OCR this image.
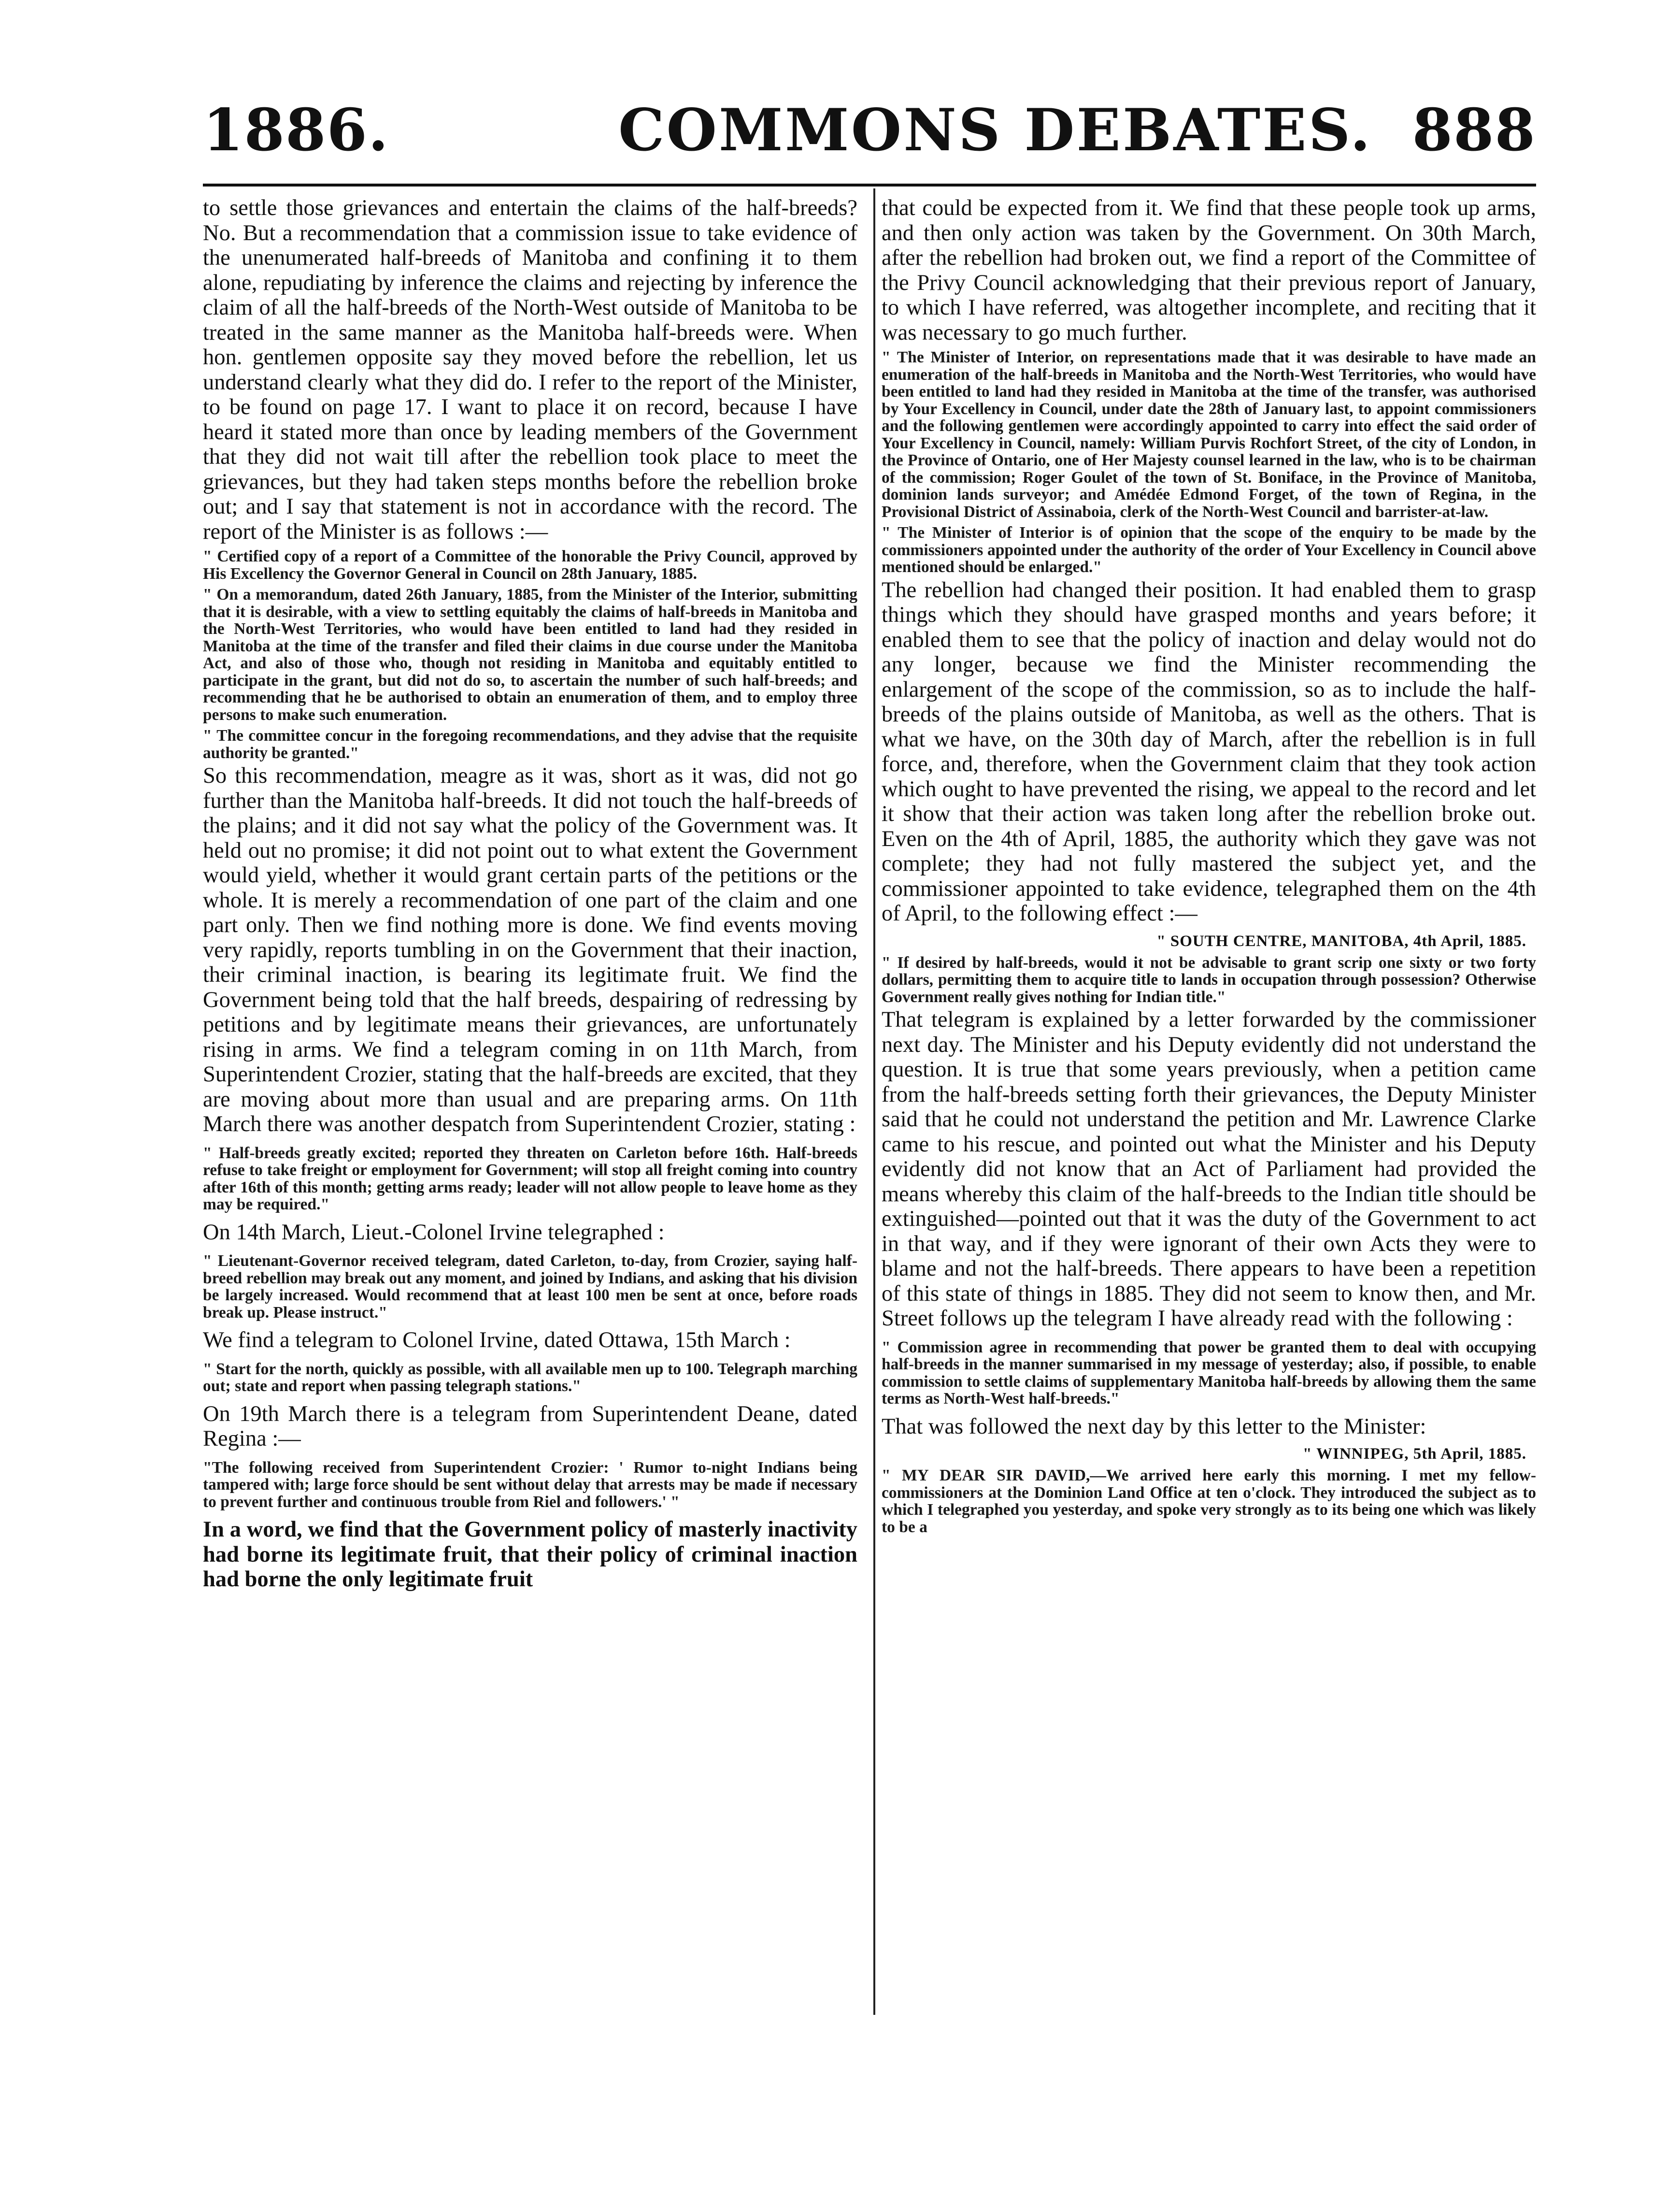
1886.	COMMONS DEBATES. 888

to settle those grievances and entertain the claims of the half-breeds? No. But a recommendation that a commission issue to take evidence of the unenumerated half-breeds of Manitoba and confining it to them alone, repudiating by inference the claims and rejecting by inference the claim of all the half-breeds of the North-West outside of Manitoba to be treated in the same manner as the Manitoba half-breeds were. When hon. gentlemen opposite say they moved before the rebellion, let us understand clearly what they did do. I refer to the report of the Minister, to be found on page 17. I want to place it on record, because I have heard it stated more than once by leading members of the Government that they did not wait till after the rebellion took place to meet the grievances, but they had taken steps months before the rebellion broke out; and I say that statement is not in accordance with the record. The report of the Minister is as follows :—

" Certified copy of a report of a Committee of the honorable the Privy Council, approved by His Excellency the Governor General in Council on 28th January, 1885.

" On a memorandum, dated 26th January, 1885, from the Minister of the Interior, submitting that it is desirable, with a view to settling equitably the claims of half-breeds in Manitoba and the North-West Territories, who would have been entitled to land had they resided in Manitoba at the time of the transfer and filed their claims in due course under the Manitoba Act, and also of those who, though not residing in Manitoba and equitably entitled to participate in the grant, but did not do so, to ascertain the number of such half-breeds; and recommending that he be authorised to obtain an enumeration of them, and to employ three persons to make such enumeration.

" The committee concur in the foregoing recommendations, and they advise that the requisite authority be granted."

So this recommendation, meagre as it was, short as it was, did not go further than the Manitoba half-breeds. It did not touch the half-breeds of the plains; and it did not say what the policy of the Government was. It held out no promise; it did not point out to what extent the Government would yield, whether it would grant certain parts of the petitions or the whole. It is merely a recommendation of one part of the claim and one part only. Then we find nothing more is done. We find events moving very rapidly, reports tumbling in on the Government that their inaction, their criminal inaction, is bearing its legitimate fruit. We find the Government being told that the half breeds, despairing of redressing by petitions and by legitimate means their grievances, are unfortunately rising in arms. We find a telegram coming in on 11th March, from Superintendent Crozier, stating that the half-breeds are excited, that they are moving about more than usual and are preparing arms. On 11th March there was another despatch from Superintendent Crozier, stating :

" Half-breeds greatly excited; reported they threaten on Carleton before 16th. Half-breeds refuse to take freight or employment for Government; will stop all freight coming into country after 16th of this month; getting arms ready; leader will not allow people to leave home as they may be required."

On 14th March, Lieut.-Colonel Irvine telegraphed :

" Lieutenant-Governor received telegram, dated Carleton, to-day, from Crozier, saying half-breed rebellion may break out any moment, and joined by Indians, and asking that his division be largely increased. Would recommend that at least 100 men be sent at once, before roads break up. Please instruct."

We find a telegram to Colonel Irvine, dated Ottawa, 15th March :

" Start for the north, quickly as possible, with all available men up to 100. Telegraph marching out; state and report when passing telegraph stations."

On 19th March there is a telegram from Superintendent Deane, dated Regina :—

"The following received from Superintendent Crozier: ' Rumor to-night Indians being tampered with; large force should be sent without delay that arrests may be made if necessary to prevent further and continuous trouble from Riel and followers.' "

In a word, we find that the Government policy of masterly inactivity had borne its legitimate fruit, that their policy of criminal inaction had borne the only legitimate fruit

that could be expected from it. We find that these people took up arms, and then only action was taken by the Government. On 30th March, after the rebellion had broken out, we find a report of the Committee of the Privy Council acknowledging that their previous report of January, to which I have referred, was altogether incomplete, and reciting that it was necessary to go much further.

" The Minister of Interior, on representations made that it was desirable to have made an enumeration of the half-breeds in Manitoba and the North-West Territories, who would have been entitled to land had they resided in Manitoba at the time of the transfer, was authorised by Your Excellency in Council, under date the 28th of January last, to appoint commissioners and the following gentlemen were accordingly appointed to carry into effect the said order of Your Excellency in Council, namely: William Purvis Rochfort Street, of the city of London, in the Province of Ontario, one of Her Majesty counsel learned in the law, who is to be chairman of the commission; Roger Goulet of the town of St. Boniface, in the Province of Manitoba, dominion lands surveyor; and Amédée Edmond Forget, of the town of Regina, in the Provisional District of Assinaboia, clerk of the North-West Council and barrister-at-law.

" The Minister of Interior is of opinion that the scope of the enquiry to be made by the commissioners appointed under the authority of the order of Your Excellency in Council above mentioned should be enlarged."

The rebellion had changed their position. It had enabled them to grasp things which they should have grasped months and years before; it enabled them to see that the policy of inaction and delay would not do any longer, because we find the Minister recommending the enlargement of the scope of the commission, so as to include the half-breeds of the plains outside of Manitoba, as well as the others. That is what we have, on the 30th day of March, after the rebellion is in full force, and, therefore, when the Government claim that they took action which ought to have prevented the rising, we appeal to the record and let it show that their action was taken long after the rebellion broke out. Even on the 4th of April, 1885, the authority which they gave was not complete; they had not fully mastered the subject yet, and the commissioner appointed to take evidence, telegraphed them on the 4th of April, to the following effect :—

" SOUTH CENTRE, MANITOBA, 4th April, 1885.

" If desired by half-breeds, would it not be advisable to grant scrip one sixty or two forty dollars, permitting them to acquire title to lands in occupation through possession? Otherwise Government really gives nothing for Indian title."

That telegram is explained by a letter forwarded by the commissioner next day. The Minister and his Deputy evidently did not understand the question. It is true that some years previously, when a petition came from the half-breeds setting forth their grievances, the Deputy Minister said that he could not understand the petition and Mr. Lawrence Clarke came to his rescue, and pointed out what the Minister and his Deputy evidently did not know that an Act of Parliament had provided the means whereby this claim of the half-breeds to the Indian title should be extinguished—pointed out that it was the duty of the Government to act in that way, and if they were ignorant of their own Acts they were to blame and not the half-breeds. There appears to have been a repetition of this state of things in 1885. They did not seem to know then, and Mr. Street follows up the telegram I have already read with the following :

" Commission agree in recommending that power be granted them to deal with occupying half-breeds in the manner summarised in my message of yesterday; also, if possible, to enable commission to settle claims of supplementary Manitoba half-breeds by allowing them the same terms as North-West half-breeds."

That was followed the next day by this letter to the Minister:

" WINNIPEG, 5th April, 1885.

" MY DEAR SIR DAVID,—We arrived here early this morning. I met my fellow-commissioners at the Dominion Land Office at ten o'clock. They introduced the subject as to which I telegraphed you yesterday, and spoke very strongly as to its being one which was likely to be a
